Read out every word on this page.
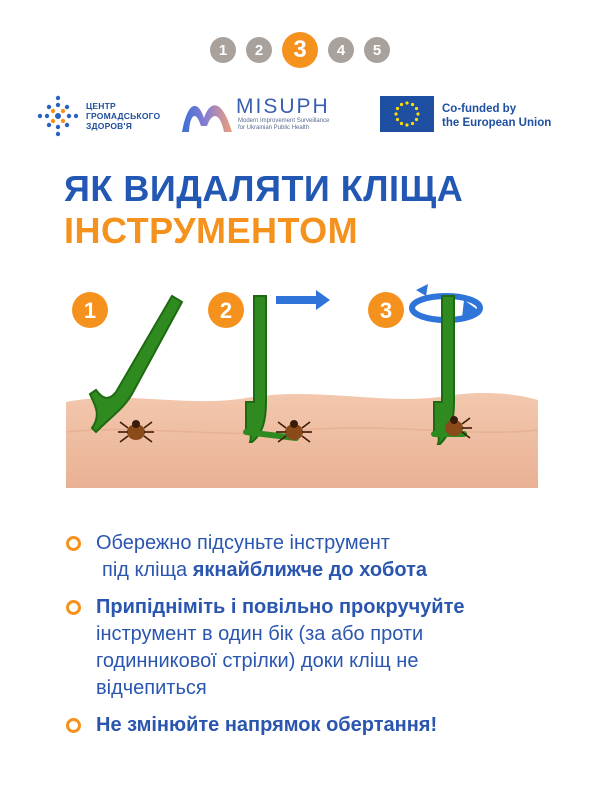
1	2	3	4	5
ЦЕНТР
ГРОМАДСЬКОГО
ЗДОРОВ'Я
MISUPH
Modern Improvement Surveillance
for Ukrainian Public Health
Co-funded by
the European Union
ЯК ВИДАЛЯТИ КЛІЩА
ІНСТРУМЕНТОМ
1	2	3
Обережно підсуньте інструмент
під кліща якнайближче до хобота
Припідніміть і повільно прокручуйте
інструмент в один бік (за або проти
годинникової стрілки) доки кліщ не
відчепиться
Не змінюйте напрямок обертання!
